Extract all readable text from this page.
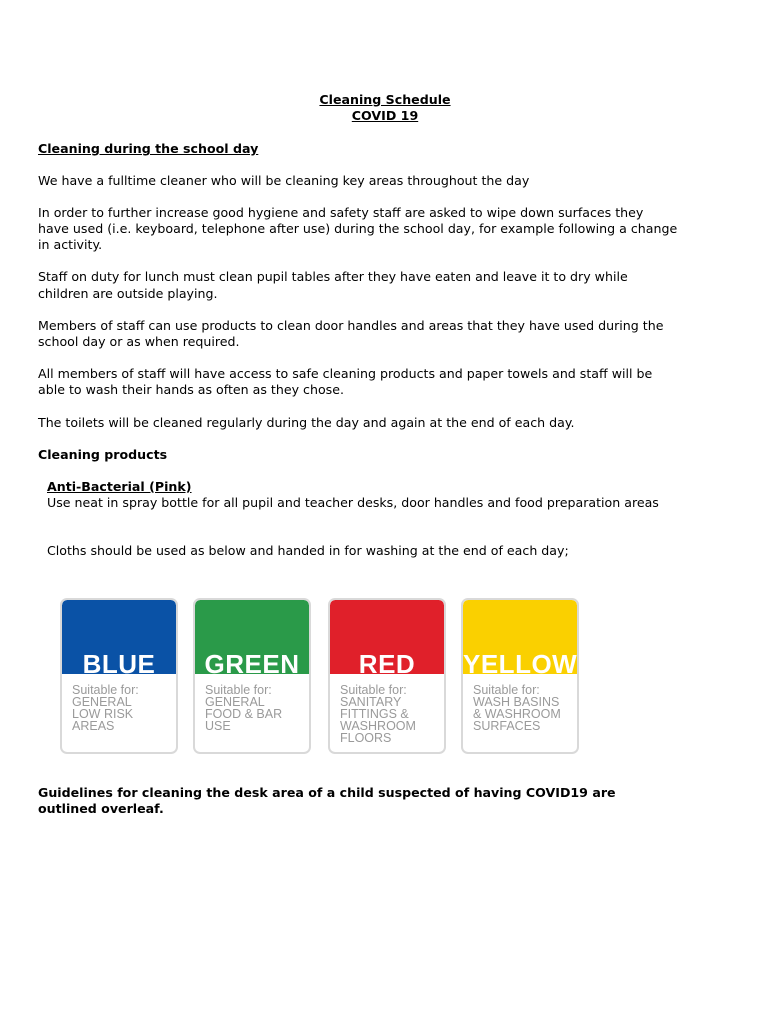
Cleaning Schedule
COVID 19
Cleaning during the school day
We have a fulltime cleaner who will be cleaning key areas throughout the day
In order to further increase good hygiene and safety staff are asked to wipe down surfaces they
have used (i.e. keyboard, telephone after use) during the school day, for example following a change
in activity.
Staff on duty for lunch must clean pupil tables after they have eaten and leave it to dry while
children are outside playing.
Members of staff can use products to clean door handles and areas that they have used during the
school day or as when required.
All members of staff will have access to safe cleaning products and paper towels and staff will be
able to wash their hands as often as they chose.
The toilets will be cleaned regularly during the day and again at the end of each day.
Cleaning products
Anti-Bacterial (Pink)
Use neat in spray bottle for all pupil and teacher desks, door handles and food preparation areas
Cloths should be used as below and handed in for washing at the end of each day;
BLUE
Suitable for:
GENERAL
LOW RISK
AREAS
GREEN
Suitable for:
GENERAL
FOOD & BAR
USE
RED
Suitable for:
SANITARY
FITTINGS &
WASHROOM
FLOORS
YELLOW
Suitable for:
WASH BASINS
& WASHROOM
SURFACES
Guidelines for cleaning the desk area of a child suspected of having COVID19 are
outlined overleaf.
